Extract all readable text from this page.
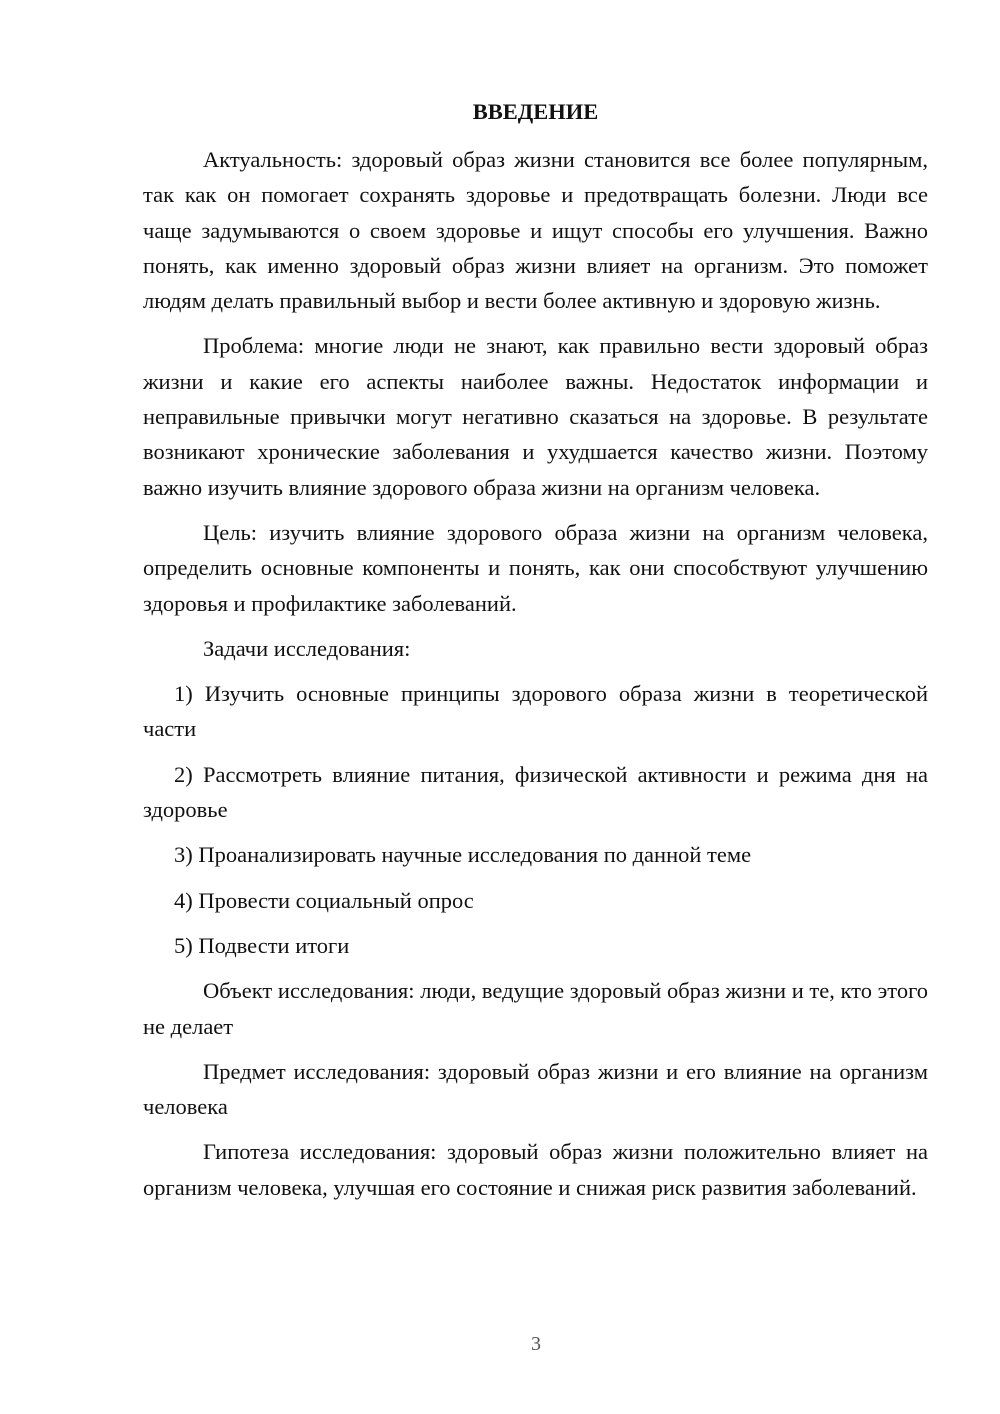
ВВЕДЕНИЕ

Актуальность: здоровый образ жизни становится все более популярным, так как он помогает сохранять здоровье и предотвращать болезни. Люди все чаще задумываются о своем здоровье и ищут способы его улучшения. Важно понять, как именно здоровый образ жизни влияет на организм. Это поможет людям делать правильный выбор и вести более активную и здоровую жизнь.

Проблема: многие люди не знают, как правильно вести здоровый образ жизни и какие его аспекты наиболее важны. Недостаток информации и неправильные привычки могут негативно сказаться на здоровье. В результате возникают хронические заболевания и ухудшается качество жизни. Поэтому важно изучить влияние здорового образа жизни на организм человека.

Цель: изучить влияние здорового образа жизни на организм человека, определить основные компоненты и понять, как они способствуют улучшению здоровья и профилактике заболеваний.

Задачи исследования:

1) Изучить основные принципы здорового образа жизни в теоретической части

2) Рассмотреть влияние питания, физической активности и режима дня на здоровье

3) Проанализировать научные исследования по данной теме

4) Провести социальный опрос

5) Подвести итоги

Объект исследования: люди, ведущие здоровый образ жизни и те, кто этого не делает

Предмет исследования: здоровый образ жизни и его влияние на организм человека

Гипотеза исследования: здоровый образ жизни положительно влияет на организм человека, улучшая его состояние и снижая риск развития заболеваний.

3
